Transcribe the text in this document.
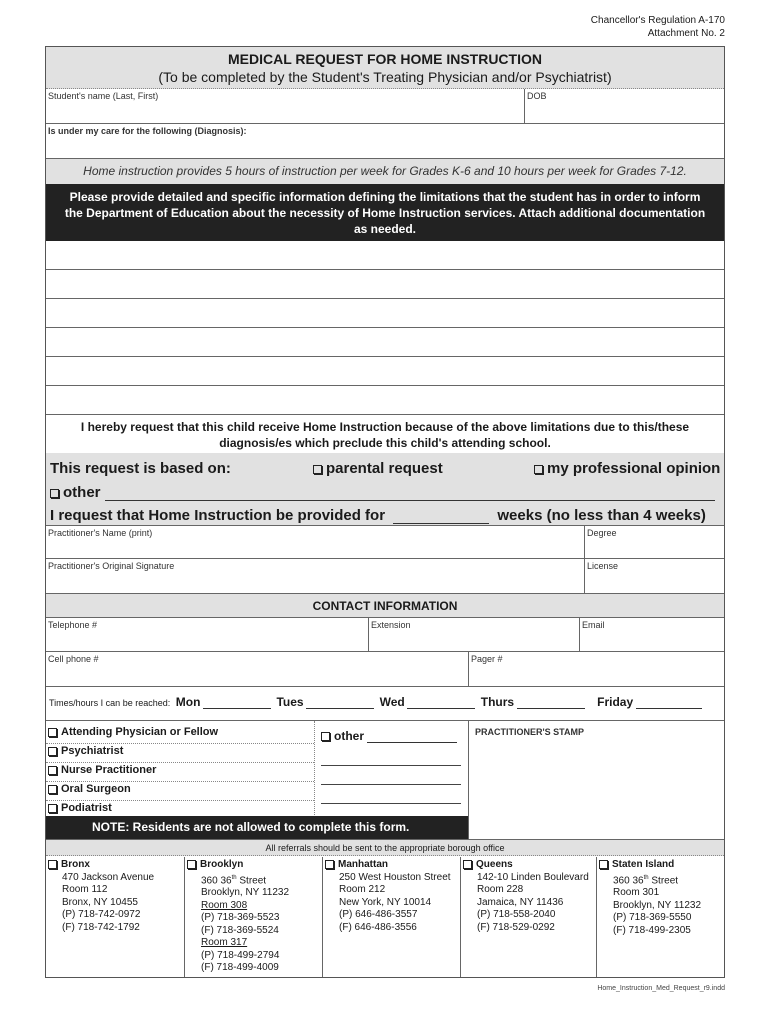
Chancellor's Regulation A-170
Attachment No. 2
MEDICAL REQUEST FOR HOME INSTRUCTION
(To be completed by the Student's Treating Physician and/or Psychiatrist)
Student's name (Last, First)	DOB
Is under my care for the following (Diagnosis):
Home instruction provides 5 hours of instruction per week for Grades K-6 and 10 hours per week for Grades 7-12.
Please provide detailed and specific information defining the limitations that the student has in order to inform the Department of Education about the necessity of Home Instruction services. Attach additional documentation as needed.
I hereby request that this child receive Home Instruction because of the above limitations due to this/these diagnosis/es which preclude this child's attending school.
This request is based on:	parental request	my professional opinion
other
I request that Home Instruction be provided for	weeks (no less than 4 weeks)
Practitioner's Name (print)	Degree
Practitioner's Original Signature	License
CONTACT INFORMATION
Telephone #	Extension	Email
Cell phone #	Pager #
Times/hours I can be reached: Mon	Tues	Wed	Thurs	Friday
Attending Physician or Fellow
Psychiatrist
Nurse Practitioner
Oral Surgeon
Podiatrist
other	PRACTITIONER'S STAMP
NOTE: Residents are not allowed to complete this form.
All referrals should be sent to the appropriate borough office
Bronx
470 Jackson Avenue
Room 112
Bronx, NY 10455
(P) 718-742-0972
(F) 718-742-1792
Brooklyn
360 36th Street
Brooklyn, NY 11232
Room 308
(P) 718-369-5523
(F) 718-369-5524
Room 317
(P) 718-499-2794
(F) 718-499-4009
Manhattan
250 West Houston Street
Room 212
New York, NY 10014
(P) 646-486-3557
(F) 646-486-3556
Queens
142-10 Linden Boulevard
Room 228
Jamaica, NY 11436
(P) 718-558-2040
(F) 718-529-0292
Staten Island
360 36th Street
Room 301
Brooklyn, NY 11232
(P) 718-369-5550
(F) 718-499-2305
Home_Instruction_Med_Request_r9.indd
